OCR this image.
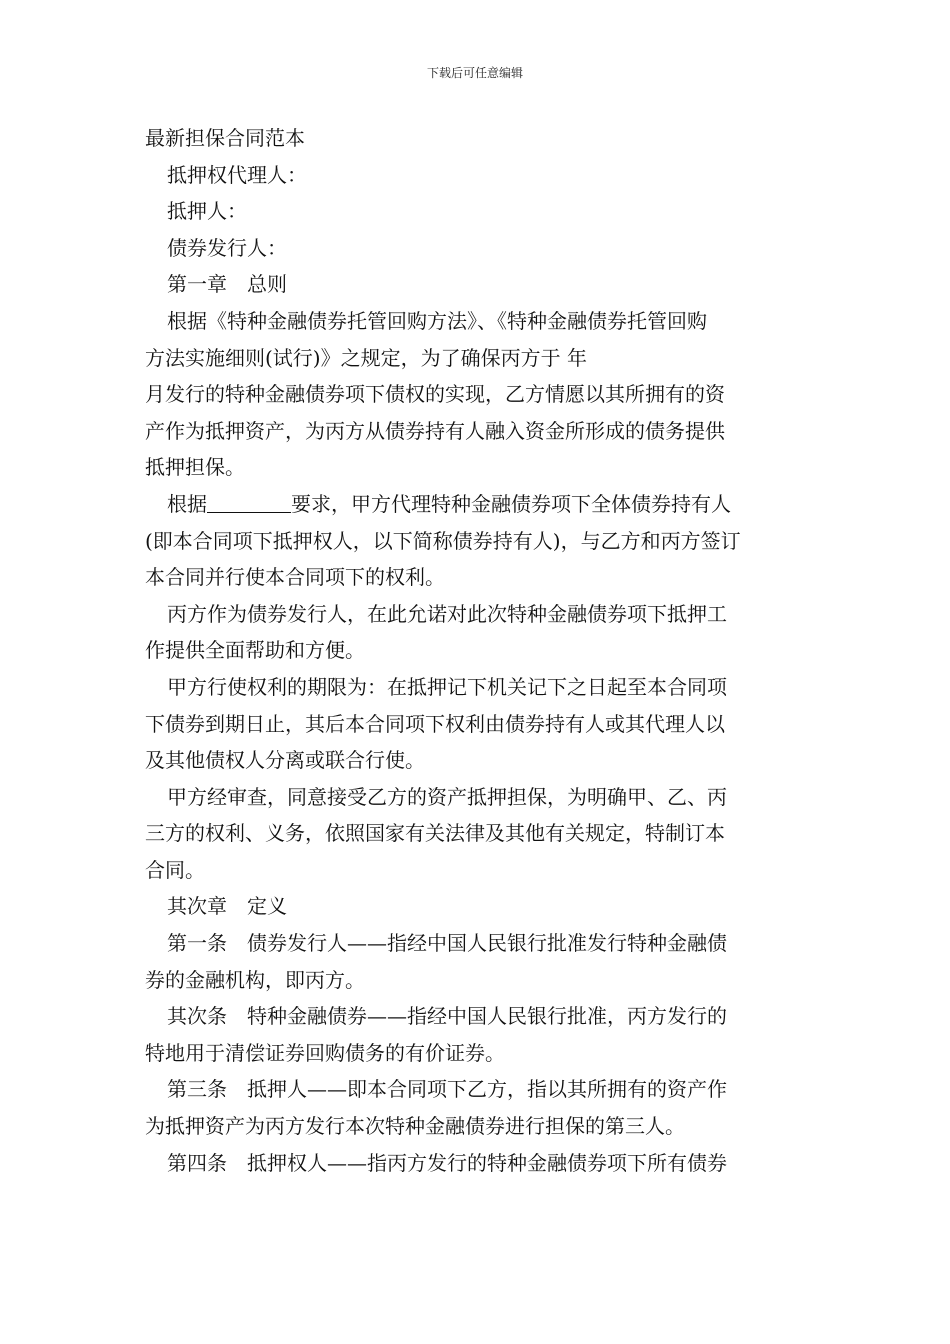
下载后可任意编辑
最新担保合同范本
抵押权代理人：
抵押人：
债券发行人：
第一章　总则
根据《特种金融债券托管回购方法》、《特种金融债券托管回购
方法实施细则(试行)》之规定，为了确保丙方于 年
月发行的特种金融债券项下债权的实现，乙方情愿以其所拥有的资
产作为抵押资产，为丙方从债券持有人融入资金所形成的债务提供
抵押担保。
根据	要求，甲方代理特种金融债券项下全体债券持有人
(即本合同项下抵押权人，以下简称债券持有人)，与乙方和丙方签订
本合同并行使本合同项下的权利。
丙方作为债券发行人，在此允诺对此次特种金融债券项下抵押工
作提供全面帮助和方便。
甲方行使权利的期限为：在抵押记下机关记下之日起至本合同项
下债券到期日止，其后本合同项下权利由债券持有人或其代理人以
及其他债权人分离或联合行使。
甲方经审查，同意接受乙方的资产抵押担保，为明确甲、乙、丙
三方的权利、义务，依照国家有关法律及其他有关规定，特制订本
合同。
其次章　定义
第一条　债券发行人——指经中国人民银行批准发行特种金融债
券的金融机构，即丙方。
其次条　特种金融债券——指经中国人民银行批准，丙方发行的
特地用于清偿证券回购债务的有价证券。
第三条　抵押人——即本合同项下乙方，指以其所拥有的资产作
为抵押资产为丙方发行本次特种金融债券进行担保的第三人。
第四条　抵押权人——指丙方发行的特种金融债券项下所有债券
